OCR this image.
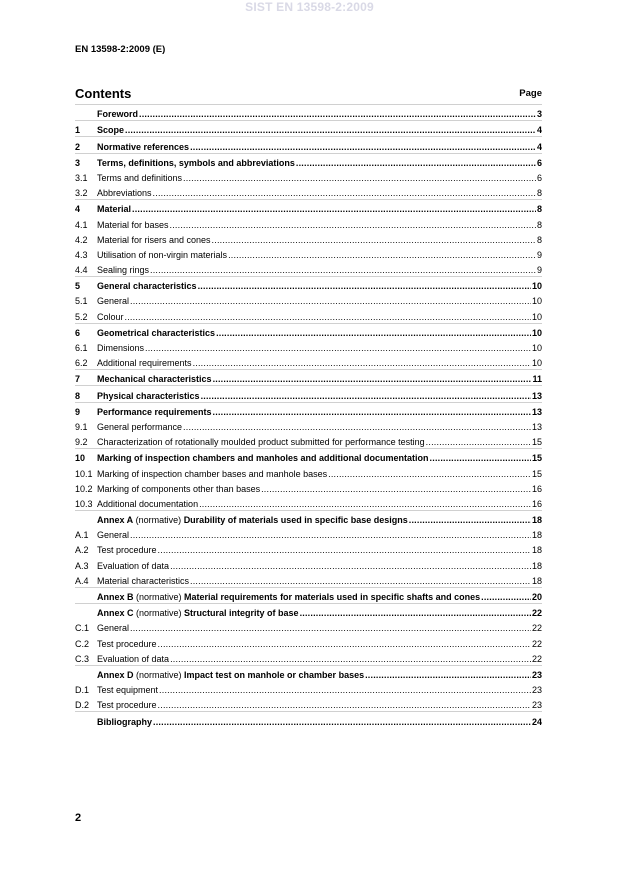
SIST EN 13598-2:2009
EN 13598-2:2009 (E)
Contents	Page
Foreword .....	3
1	Scope .....	4
2	Normative references .....	4
3	Terms, definitions, symbols and abbreviations .....	6
3.1	Terms and definitions .....	6
3.2	Abbreviations .....	8
4	Material .....	8
4.1	Material for bases .....	8
4.2	Material for risers and cones .....	8
4.3	Utilisation of non-virgin materials .....	9
4.4	Sealing rings .....	9
5	General characteristics .....	10
5.1	General .....	10
5.2	Colour .....	10
6	Geometrical characteristics .....	10
6.1	Dimensions .....	10
6.2	Additional requirements .....	10
7	Mechanical characteristics .....	11
8	Physical characteristics .....	13
9	Performance requirements .....	13
9.1	General performance .....	13
9.2	Characterization of rotationally moulded product submitted for performance testing .....	15
10	Marking of inspection chambers and manholes and additional documentation .....	15
10.1 Marking of inspection chamber bases and manhole bases .....	15
10.2 Marking of components other than bases .....	16
10.3 Additional documentation .....	16
Annex A (normative) Durability of materials used in specific base designs .....	18
A.1 General .....	18
A.2 Test procedure .....	18
A.3 Evaluation of data .....	18
A.4 Material characteristics .....	18
Annex B (normative) Material requirements for materials used in specific shafts and cones .....	20
Annex C (normative) Structural integrity of base .....	22
C.1 General .....	22
C.2 Test procedure .....	22
C.3 Evaluation of data .....	22
Annex D (normative) Impact test on manhole or chamber bases .....	23
D.1 Test equipment .....	23
D.2 Test procedure .....	23
Bibliography .....	24
2
